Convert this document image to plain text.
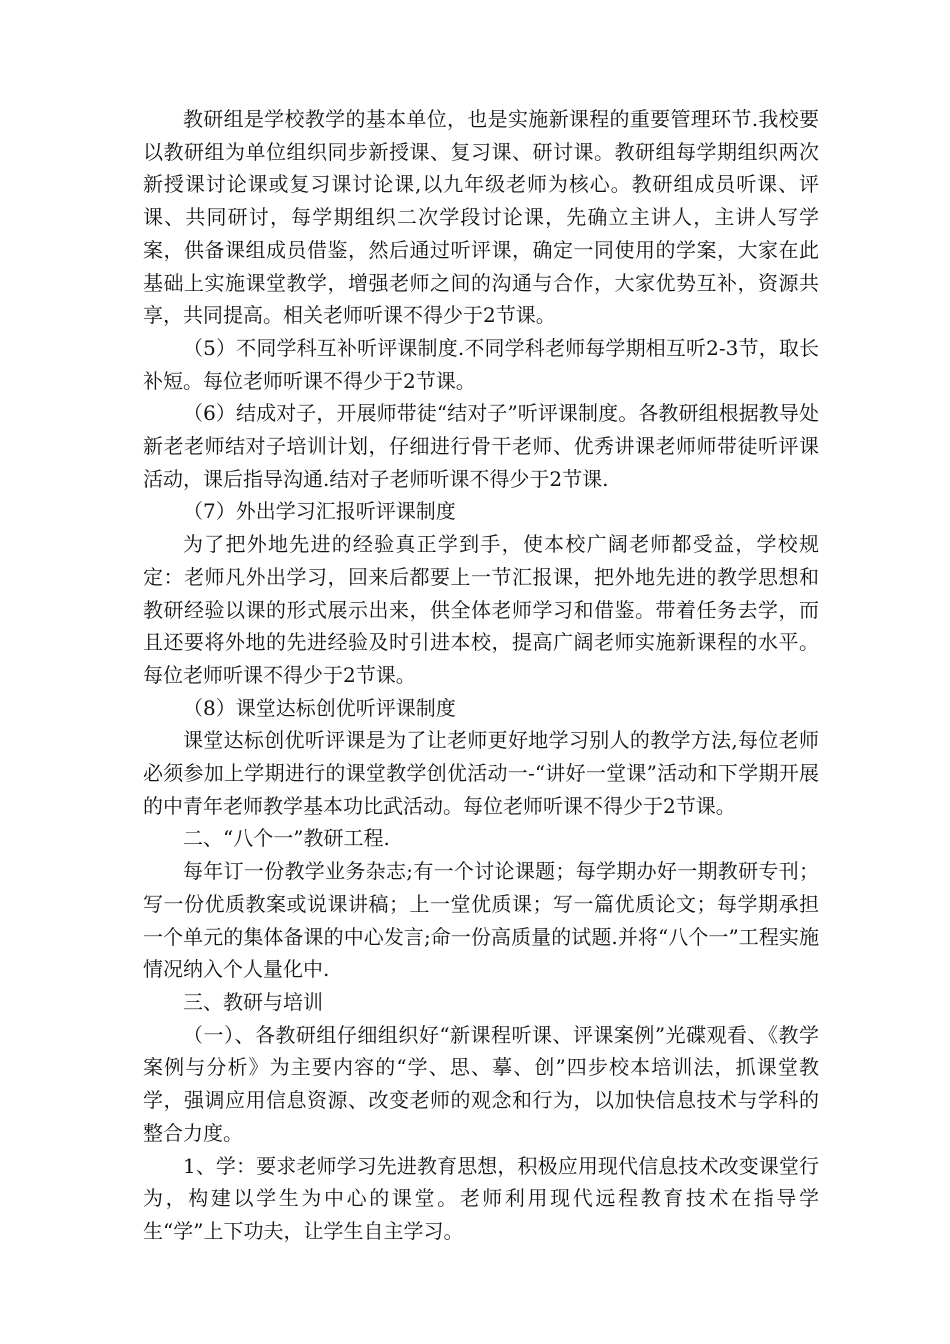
教研组是学校教学的基本单位，也是实施新课程的重要管理环节.我校要以教研组为单位组织同步新授课、复习课、研讨课。教研组每学期组织两次新授课讨论课或复习课讨论课,以九年级老师为核心。教研组成员听课、评课、共同研讨，每学期组织二次学段讨论课，先确立主讲人，主讲人写学案，供备课组成员借鉴，然后通过听评课，确定一同使用的学案，大家在此基础上实施课堂教学，增强老师之间的沟通与合作，大家优势互补，资源共享，共同提高。相关老师听课不得少于2节课。

（5）不同学科互补听评课制度.不同学科老师每学期相互听2-3节，取长补短。每位老师听课不得少于2节课。

（6）结成对子，开展师带徒“结对子”听评课制度。各教研组根据教导处新老老师结对子培训计划，仔细进行骨干老师、优秀讲课老师师带徒听评课活动，课后指导沟通.结对子老师听课不得少于2节课.

（7）外出学习汇报听评课制度

为了把外地先进的经验真正学到手，使本校广阔老师都受益，学校规定：老师凡外出学习，回来后都要上一节汇报课，把外地先进的教学思想和教研经验以课的形式展示出来，供全体老师学习和借鉴。带着任务去学，而且还要将外地的先进经验及时引进本校，提高广阔老师实施新课程的水平。每位老师听课不得少于2节课。

（8）课堂达标创优听评课制度

课堂达标创优听评课是为了让老师更好地学习别人的教学方法,每位老师必须参加上学期进行的课堂教学创优活动一-“讲好一堂课”活动和下学期开展的中青年老师教学基本功比武活动。每位老师听课不得少于2节课。

二、“八个一”教研工程.

每年订一份教学业务杂志;有一个讨论课题；每学期办好一期教研专刊；写一份优质教案或说课讲稿；上一堂优质课；写一篇优质论文；每学期承担一个单元的集体备课的中心发言;命一份高质量的试题.并将“八个一”工程实施情况纳入个人量化中.

三、教研与培训

（一）、各教研组仔细组织好“新课程听课、评课案例”光碟观看、《教学案例与分析》为主要内容的“学、思、摹、创”四步校本培训法，抓课堂教学，强调应用信息资源、改变老师的观念和行为，以加快信息技术与学科的整合力度。

1、学：要求老师学习先进教育思想，积极应用现代信息技术改变课堂行为，构建以学生为中心的课堂。老师利用现代远程教育技术在指导学生“学”上下功夫，让学生自主学习。
